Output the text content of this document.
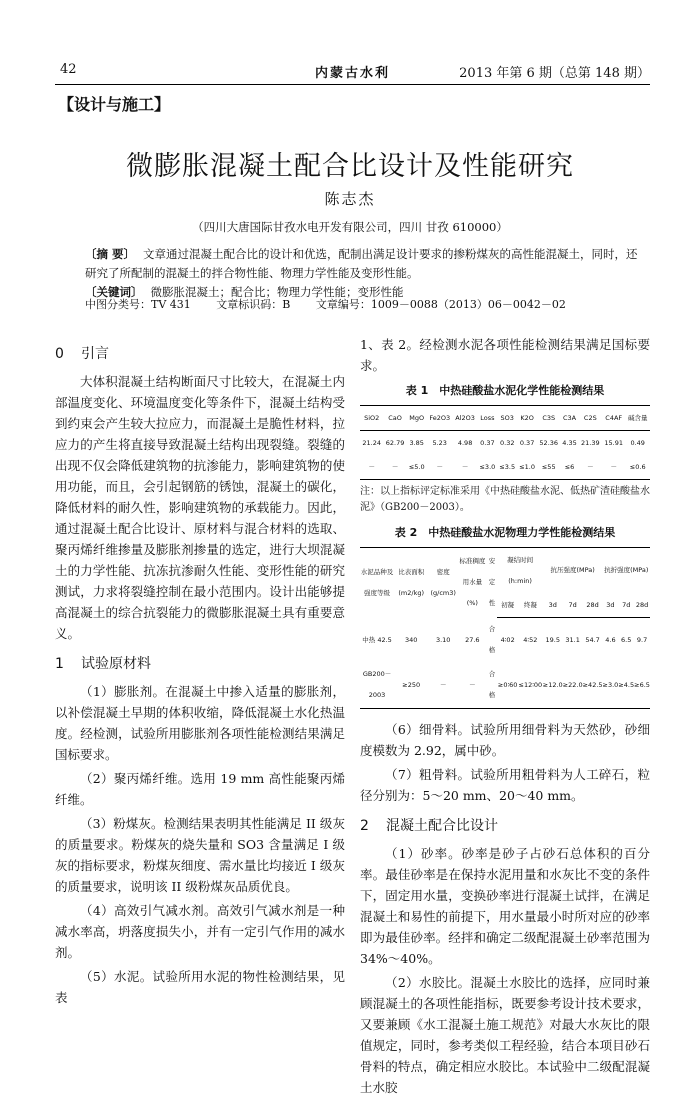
42	内蒙古水利	2013 年第 6 期（总第 148 期）
【设计与施工】
微膨胀混凝土配合比设计及性能研究
陈志杰
（四川大唐国际甘孜水电开发有限公司，四川 甘孜 610000）
〔摘 要〕 文章通过混凝土配合比的设计和优选，配制出满足设计要求的掺粉煤灰的高性能混凝土，同时，还研究了所配制的混凝土的拌合物性能、物理力学性能及变形性能。
〔关键词〕 微膨胀混凝土；配合比；物理力学性能；变形性能
中图分类号：TV 431 文章标识码：B 文章编号：1009－0088（2013）06－0042－02
0 引言

大体积混凝土结构断面尺寸比较大，在混凝土内部温度变化、环境温度变化等条件下，混凝土结构受到约束会产生较大拉应力，而混凝土是脆性材料，拉应力的产生将直接导致混凝土结构出现裂缝。裂缝的出现不仅会降低建筑物的抗渗能力，影响建筑物的使用功能，而且，会引起钢筋的锈蚀，混凝土的碳化，降低材料的耐久性，影响建筑物的承载能力。因此，通过混凝土配合比设计、原材料与混合材料的选取、聚丙烯纤维掺量及膨胀剂掺量的选定，进行大坝混凝土的力学性能、抗冻抗渗耐久性能、变形性能的研究测试，力求将裂缝控制在最小范围内。设计出能够提高混凝土的综合抗裂能力的微膨胀混凝土具有重要意义。

1 试验原材料

（1）膨胀剂。在混凝土中掺入适量的膨胀剂，以补偿混凝土早期的体积收缩，降低混凝土水化热温度。经检测，试验所用膨胀剂各项性能检测结果满足国标要求。

（2）聚丙烯纤维。选用 19 mm 高性能聚丙烯纤维。

（3）粉煤灰。检测结果表明其性能满足 II 级灰的质量要求。粉煤灰的烧失量和 SO3 含量满足 I 级灰的指标要求，粉煤灰细度、需水量比均接近 I 级灰的质量要求，说明该 II 级粉煤灰品质优良。

（4）高效引气减水剂。高效引气减水剂是一种减水率高，坍落度损失小，并有一定引气作用的减水剂。

（5）水泥。试验所用水泥的物性检测结果，见表

1、表 2。经检测水泥各项性能检测结果满足国标要求。

表 1　中热硅酸盐水泥化学性能检测结果
SiO2	CaO	MgO	Fe2O3	Al2O3	Loss	SO3	K2O	C3S	C3A	C2S	C4AF	碱含量
21.24	62.79	3.85	5.23	4.98	0.37	0.32	0.37	52.36	4.35	21.39	15.91	0.49
－	－	≤5.0	－	－	≤3.0	≤3.5	≤1.0	≤55	≤6	－	－	≤0.6
注：以上指标评定标准采用《中热硅酸盐水泥、低热矿渣硅酸盐水泥》（GB200－2003）。
表 2　中热硅酸盐水泥物理力学性能检测结果
水泥品种及强度等级	比表面积(m2/kg)	密度(g/cm3)	标准稠度用水量(%)	安定性	凝结时间(h:min)		抗压强度(MPa)			抗折强度(MPa)		
					初凝	终凝	3d	7d	28d	3d	7d	28d
中热 42.5	340	3.10	27.6	合格	4∶02	4∶52	19.5	31.1	54.7	4.6	6.5	9.7
GB200－2003	≥250	－	－	合格	≥0∶60	≤12∶00	≥12.0	≥22.0	≥42.5	≥3.0	≥4.5	≥6.5

（6）细骨料。试验所用细骨料为天然砂，砂细度模数为 2.92，属中砂。

（7）粗骨料。试验所用粗骨料为人工碎石，粒径分别为：5～20 mm、20～40 mm。

2 混凝土配合比设计

（1）砂率。砂率是砂子占砂石总体积的百分率。最佳砂率是在保持水泥用量和水灰比不变的条件下，固定用水量，变换砂率进行混凝土试拌，在满足混凝土和易性的前提下，用水量最小时所对应的砂率即为最佳砂率。经拌和确定二级配混凝土砂率范围为 34%～40%。

（2）水胶比。混凝土水胶比的选择，应同时兼顾混凝土的各项性能指标，既要参考设计技术要求，又要兼顾《水工混凝土施工规范》对最大水灰比的限值规定，同时，参考类似工程经验，结合本项目砂石骨料的特点，确定相应水胶比。本试验中二级配混凝土水胶
